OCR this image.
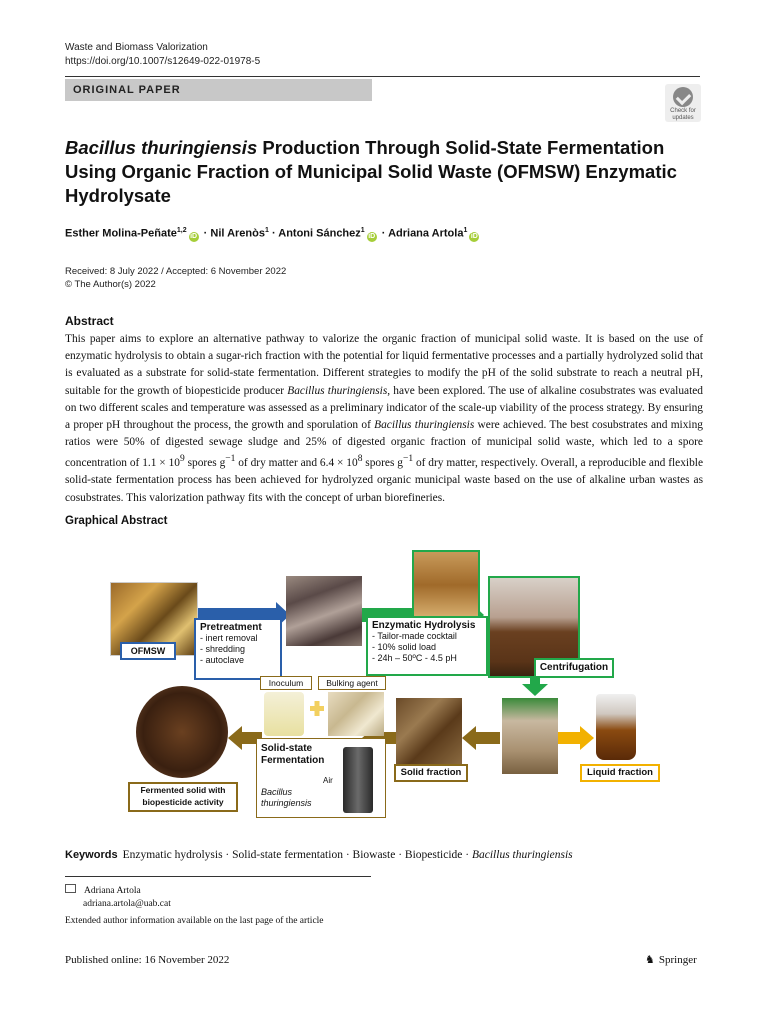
Waste and Biomass Valorization
https://doi.org/10.1007/s12649-022-01978-5
ORIGINAL PAPER
Check for updates
Bacillus thuringiensis Production Through Solid-State Fermentation Using Organic Fraction of Municipal Solid Waste (OFMSW) Enzymatic Hydrolysate
Esther Molina-Peñate$^{1,2}$iD · Nil Arenòs$^1$ · Antoni Sánchez$^1$iD · Adriana Artola$^1$iD
Received: 8 July 2022 / Accepted: 6 November 2022
© The Author(s) 2022
Abstract
This paper aims to explore an alternative pathway to valorize the organic fraction of municipal solid waste. It is based on the use of enzymatic hydrolysis to obtain a sugar-rich fraction with the potential for liquid fermentative processes and a partially hydrolyzed solid that is evaluated as a substrate for solid-state fermentation. Different strategies to modify the pH of the solid substrate to reach a neutral pH, suitable for the growth of biopesticide producer Bacillus thuringiensis, have been explored. The use of alkaline cosubstrates was evaluated on two different scales and temperature was assessed as a preliminary indicator of the scale-up viability of the process strategy. By ensuring a proper pH throughout the process, the growth and sporulation of Bacillus thuringiensis were achieved. The best cosubstrates and mixing ratios were 50% of digested sewage sludge and 25% of digested organic fraction of municipal solid waste, which led to a spore concentration of $1.1 \times 10^9$ spores $g^{-1}$ of dry matter and $6.4 \times 10^8$ spores $g^{-1}$ of dry matter, respectively. Overall, a reproducible and flexible solid-state fermentation process has been achieved for hydrolyzed organic municipal waste based on the use of alkaline urban wastes as cosubstrates. This valorization pathway fits with the concept of urban biorefineries.
Graphical Abstract
OFMSW
Pretreatment
- inert removal
- shredding
- autoclave
Enzymatic Hydrolysis
- Tailor-made cocktail
- 10% solid load
- 24h – 50ºC - 4.5 pH
Centrifugation
Liquid fraction
Solid fraction
Inoculum	Bulking agent
Solid-state
Fermentation
Air
Bacillus
thuringiensis
Fermented solid with
biopesticide activity
Keywords Enzymatic hydrolysis · Solid-state fermentation · Biowaste · Biopesticide · Bacillus thuringiensis
Adriana Artola
adriana.artola@uab.cat
Extended author information available on the last page of the article
Published online: 16 November 2022	♞ Springer
